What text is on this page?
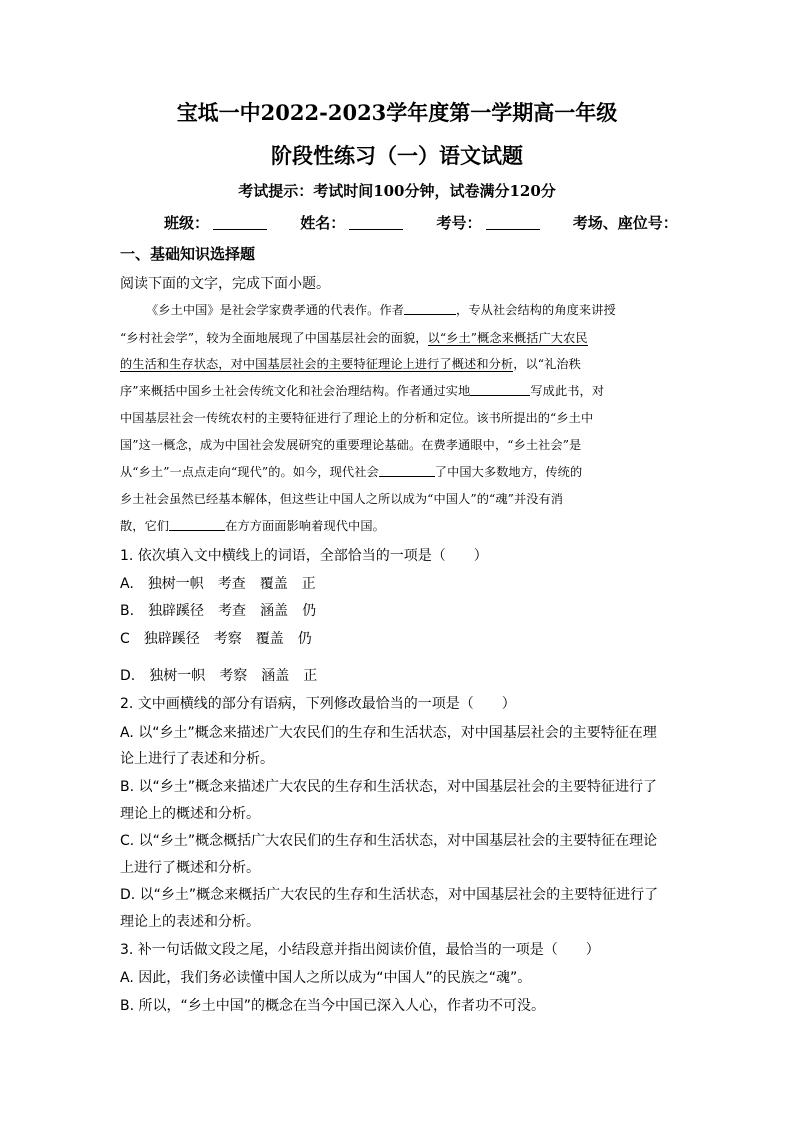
宝坻一中2022-2023学年度第一学期高一年级
阶段性练习（一）语文试题
考试提示：考试时间100分钟，试卷满分120分
班级：	姓名：	考号：	考场、座位号：
一、基础知识选择题
阅读下面的文字，完成下面小题。
《乡土中国》是社会学家费孝通的代表作。作者	，专从社会结构的角度来讲授
“乡村社会学”，较为全面地展现了中国基层社会的面貌，以“乡土”概念来概括广大农民
的生活和生存状态，对中国基层社会的主要特征理论上进行了概述和分析，以“礼治秩
序”来概括中国乡土社会传统文化和社会治理结构。作者通过实地	写成此书，对
中国基层社会一传统农村的主要特征进行了理论上的分析和定位。该书所提出的“乡土中
国”这一概念，成为中国社会发展研究的重要理论基础。在费孝通眼中，“乡土社会”是
从“乡土”一点点走向“现代”的。如今，现代社会	了中国大多数地方，传统的
乡土社会虽然已经基本解体，但这些让中国人之所以成为“中国人”的“魂”并没有消
散，它们	在方方面面影响着现代中国。
1. 依次填入文中横线上的词语，全部恰当的一项是（　　）
A. 独树一帜 考查 覆盖 正
B. 独辟蹊径 考查 涵盖 仍
C 独辟蹊径 考察 覆盖 仍
D. 独树一帜 考察 涵盖 正
2. 文中画横线的部分有语病，下列修改最恰当的一项是（　　）
A. 以“乡土”概念来描述广大农民们的生存和生活状态，对中国基层社会的主要特征在理
论上进行了表述和分析。
B. 以“乡土”概念来描述广大农民的生存和生活状态，对中国基层社会的主要特征进行了
理论上的概述和分析。
C. 以“乡土”概念概括广大农民们的生存和生活状态，对中国基层社会的主要特征在理论
上进行了概述和分析。
D. 以“乡土”概念来概括广大农民的生存和生活状态，对中国基层社会的主要特征进行了
理论上的表述和分析。
3. 补一句话做文段之尾，小结段意并指出阅读价值，最恰当的一项是（　　）
A. 因此，我们务必读懂中国人之所以成为“中国人”的民族之“魂”。
B. 所以，“乡土中国”的概念在当今中国已深入人心，作者功不可没。
